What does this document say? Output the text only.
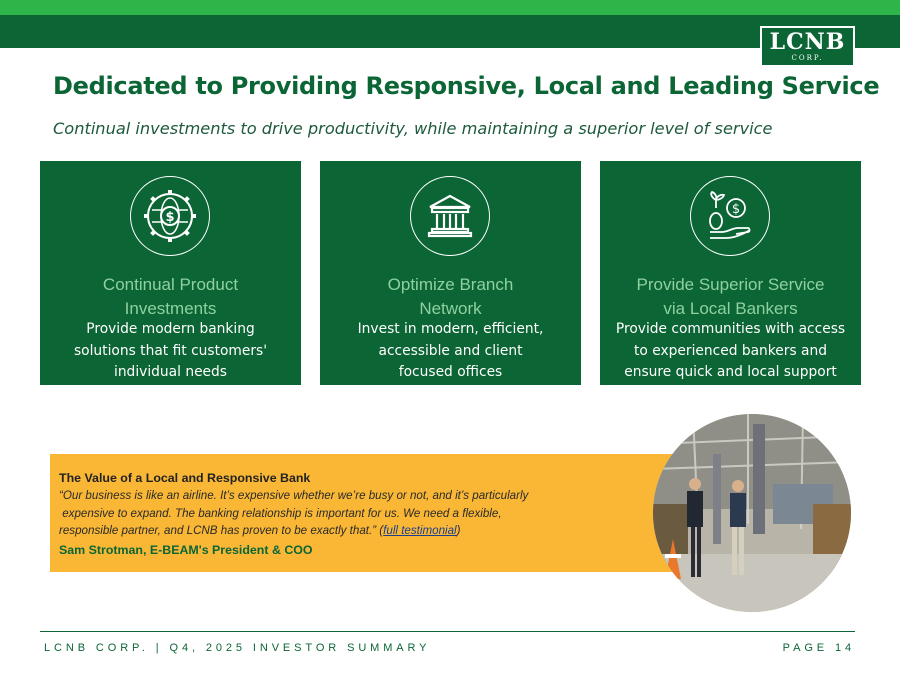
LCNB
CORP.
Dedicated to Providing Responsive, Local and Leading Service

Continual investments to drive productivity, while maintaining a superior level of service

$
Continual Product
Investments
Provide modern banking
solutions that fit customers'
individual needs
Optimize Branch
Network
Invest in modern, efficient,
accessible and client
focused offices
$
Provide Superior Service
via Local Bankers
Provide communities with access
to experienced bankers and
ensure quick and local support
The Value of a Local and Responsive Bank
“Our business is like an airline. It’s expensive whether we’re busy or not, and it’s particularly
expensive to expand. The banking relationship is important for us. We need a flexible,
responsible partner, and LCNB has proven to be exactly that.” (full testimonial)
Sam Strotman, E-BEAM's President & COO
LCNB CORP. | Q4, 2025 INVESTOR SUMMARY	PAGE 14
